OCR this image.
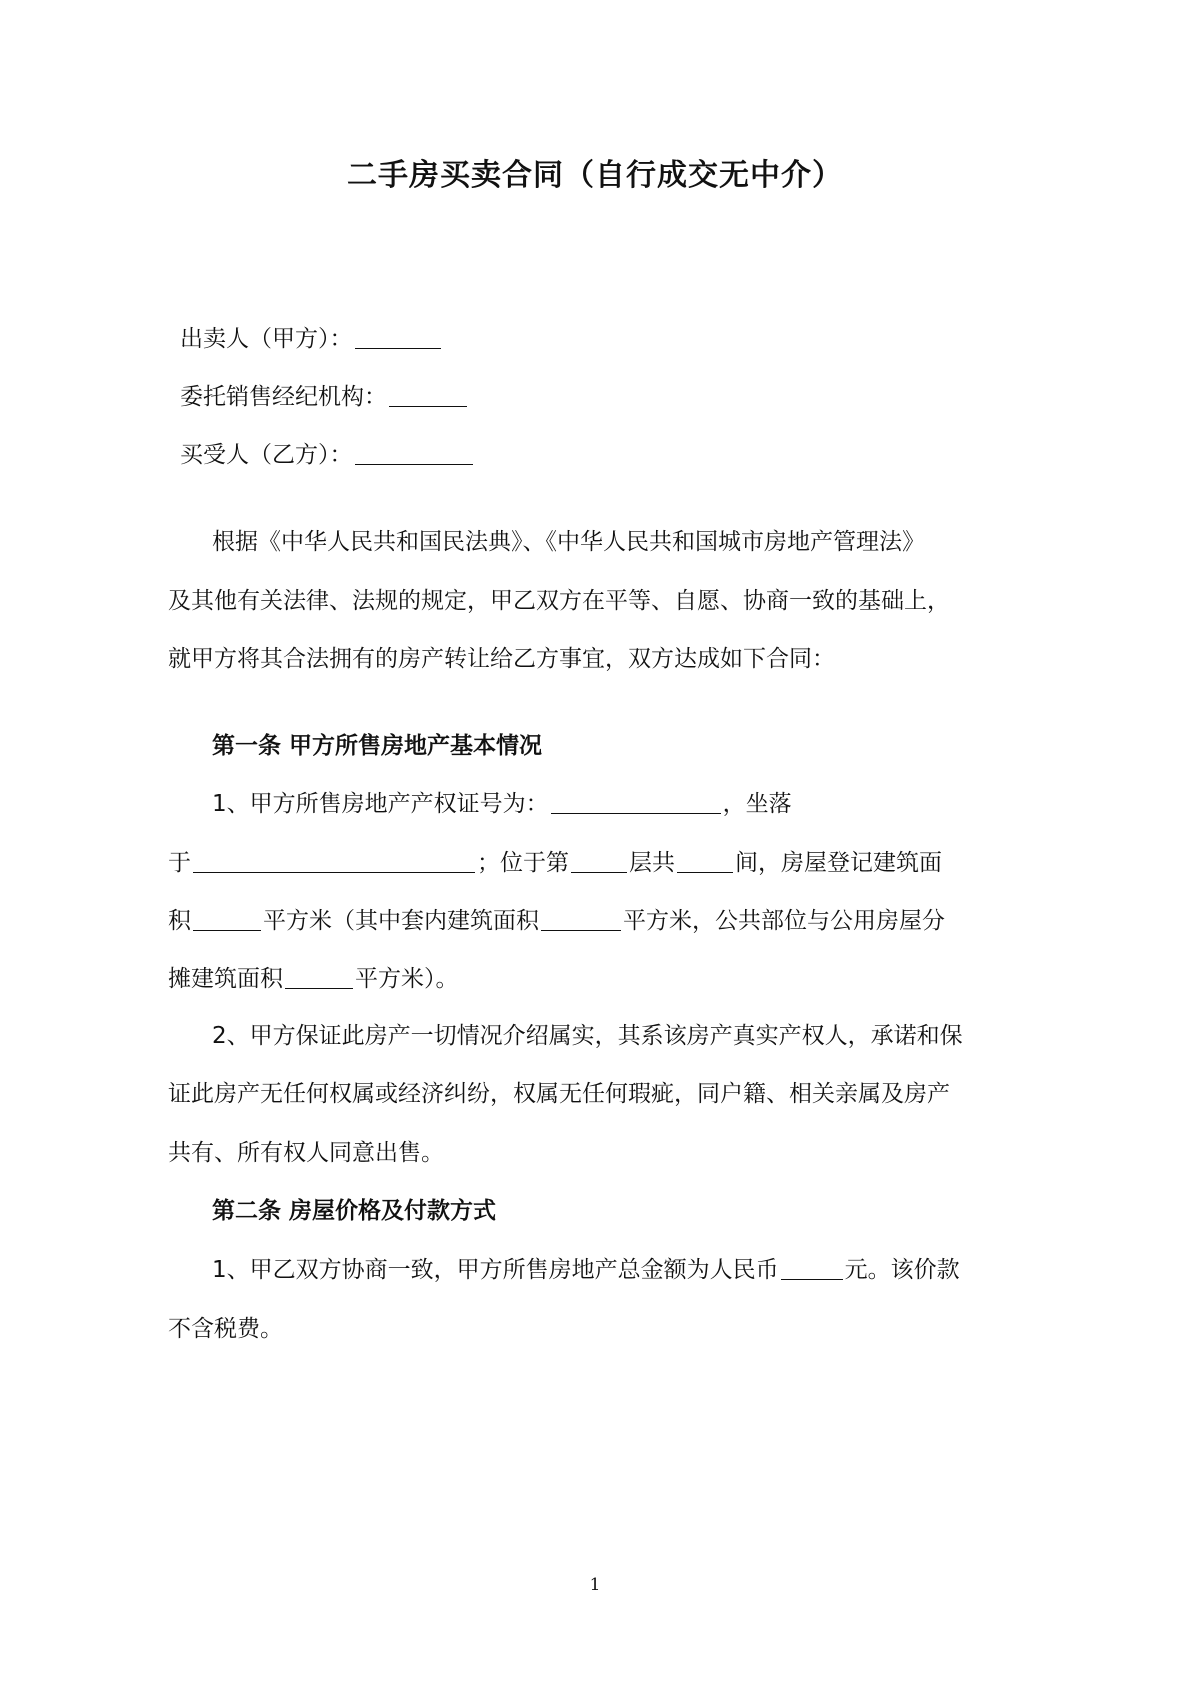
二手房买卖合同（自行成交无中介）
出卖人（甲方）：
委托销售经纪机构：
买受人（乙方）：
根据《中华人民共和国民法典》、《中华人民共和国城市房地产管理法》
及其他有关法律、法规的规定，甲乙双方在平等、自愿、协商一致的基础上，
就甲方将其合法拥有的房产转让给乙方事宜，双方达成如下合同：
第一条 甲方所售房地产基本情况
1、甲方所售房地产产权证号为：	，坐落
于	；位于第	层共	间，房屋登记建筑面
积	平方米（其中套内建筑面积	平方米，公共部位与公用房屋分
摊建筑面积	平方米）。
2、甲方保证此房产一切情况介绍属实，其系该房产真实产权人，承诺和保
证此房产无任何权属或经济纠纷，权属无任何瑕疵，同户籍、相关亲属及房产
共有、所有权人同意出售。
第二条 房屋价格及付款方式
1、甲乙双方协商一致，甲方所售房地产总金额为人民币	元。该价款
不含税费。
1
